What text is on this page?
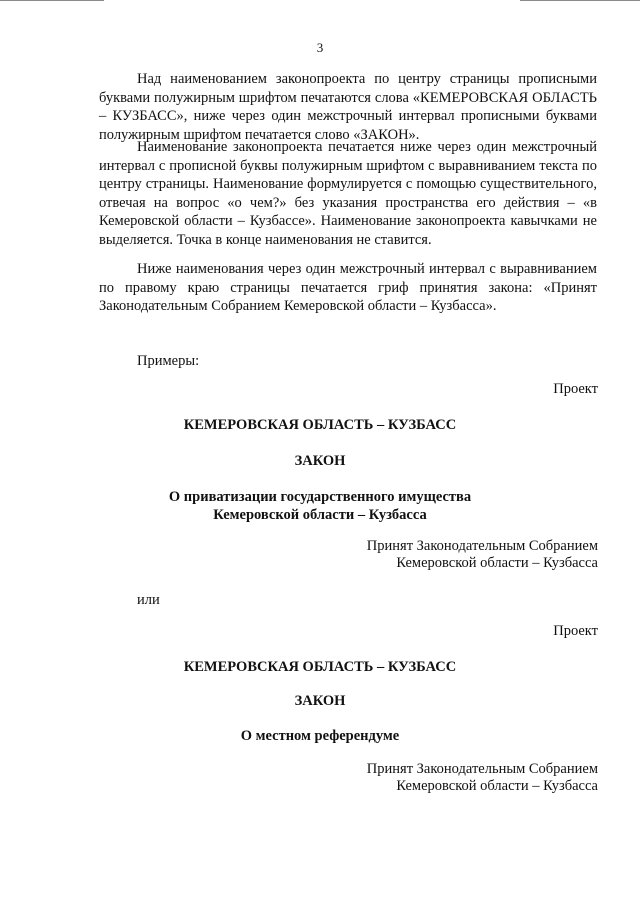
3

Над наименованием законопроекта по центру страницы прописными буквами полужирным шрифтом печатаются слова «КЕМЕРОВСКАЯ ОБЛАСТЬ – КУЗБАСС», ниже через один межстрочный интервал прописными буквами полужирным шрифтом печатается слово «ЗАКОН».

Наименование законопроекта печатается ниже через один межстрочный интервал с прописной буквы полужирным шрифтом с выравниванием текста по центру страницы. Наименование формулируется с помощью существительного, отвечая на вопрос «о чем?» без указания пространства его действия – «в Кемеровской области – Кузбассе». Наименование законопроекта кавычками не выделяется. Точка в конце наименования не ставится.

Ниже наименования через один межстрочный интервал с выравниванием по правому краю страницы печатается гриф принятия закона: «Принят Законодательным Собранием Кемеровской области – Кузбасса».

Примеры:
Проект
КЕМЕРОВСКАЯ ОБЛАСТЬ – КУЗБАСС
ЗАКОН
О приватизации государственного имущества
Кемеровской области – Кузбасса
Принят Законодательным Собранием
Кемеровской области – Кузбасса
или
Проект
КЕМЕРОВСКАЯ ОБЛАСТЬ – КУЗБАСС
ЗАКОН
О местном референдуме
Принят Законодательным Собранием
Кемеровской области – Кузбасса
